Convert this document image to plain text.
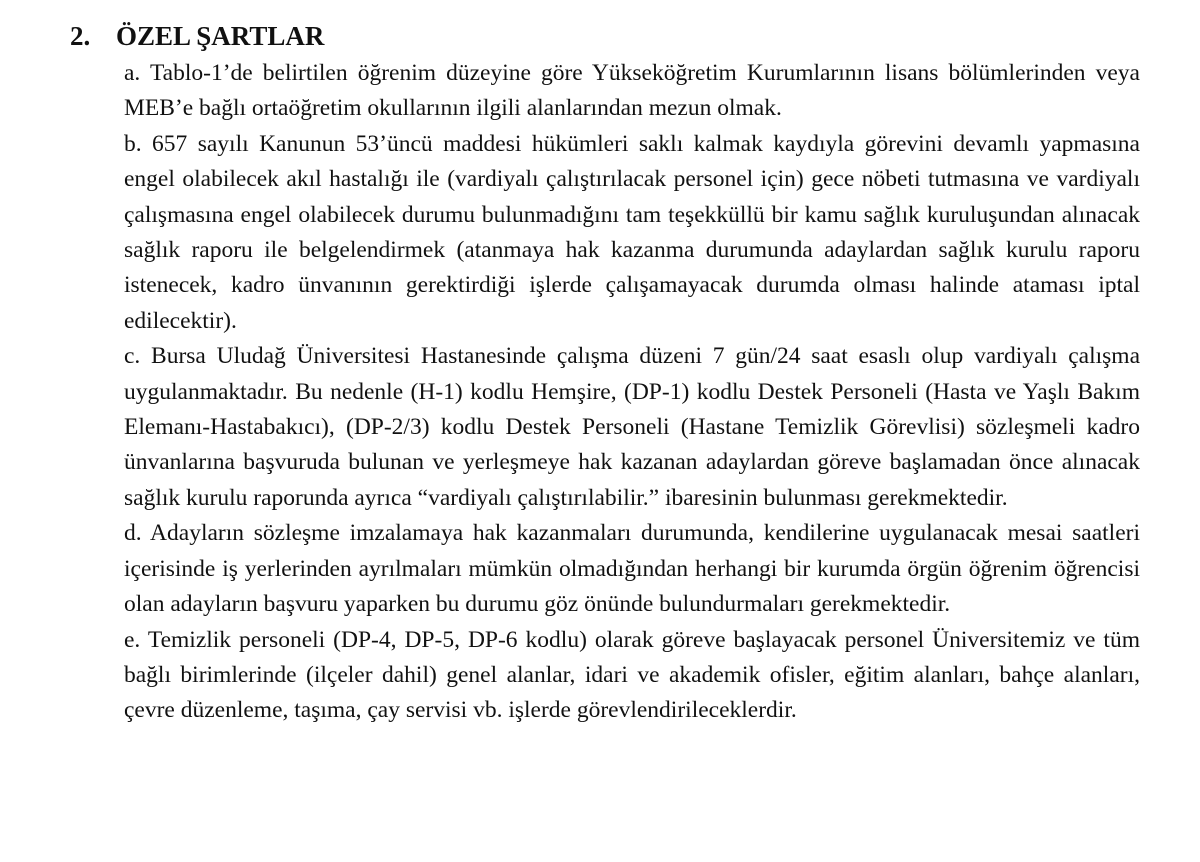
2. ÖZEL ŞARTLAR
a. Tablo-1’de belirtilen öğrenim düzeyine göre Yükseköğretim Kurumlarının lisans bölümlerinden veya MEB’e bağlı ortaöğretim okullarının ilgili alanlarından mezun olmak.
b. 657 sayılı Kanunun 53’üncü maddesi hükümleri saklı kalmak kaydıyla görevini devamlı yapmasına engel olabilecek akıl hastalığı ile (vardiyalı çalıştırılacak personel için) gece nöbeti tutmasına ve vardiyalı çalışmasına engel olabilecek durumu bulunmadığını tam teşekküllü bir kamu sağlık kuruluşundan alınacak sağlık raporu ile belgelendirmek (atanmaya hak kazanma durumunda adaylardan sağlık kurulu raporu istenecek, kadro ünvanının gerektirdiği işlerde çalışamayacak durumda olması halinde ataması iptal edilecektir).
c. Bursa Uludağ Üniversitesi Hastanesinde çalışma düzeni 7 gün/24 saat esaslı olup vardiyalı çalışma uygulanmaktadır. Bu nedenle (H-1) kodlu Hemşire, (DP-1) kodlu Destek Personeli (Hasta ve Yaşlı Bakım Elemanı-Hastabakıcı), (DP-2/3) kodlu Destek Personeli (Hastane Temizlik Görevlisi) sözleşmeli kadro ünvanlarına başvuruda bulunan ve yerleşmeye hak kazanan adaylardan göreve başlamadan önce alınacak sağlık kurulu raporunda ayrıca “vardiyalı çalıştırılabilir.” ibaresinin bulunması gerekmektedir.
d. Adayların sözleşme imzalamaya hak kazanmaları durumunda, kendilerine uygulanacak mesai saatleri içerisinde iş yerlerinden ayrılmaları mümkün olmadığından herhangi bir kurumda örgün öğrenim öğrencisi olan adayların başvuru yaparken bu durumu göz önünde bulundurmaları gerekmektedir.
e. Temizlik personeli (DP-4, DP-5, DP-6 kodlu) olarak göreve başlayacak personel Üniversitemiz ve tüm bağlı birimlerinde (ilçeler dahil) genel alanlar, idari ve akademik ofisler, eğitim alanları, bahçe alanları, çevre düzenleme, taşıma, çay servisi vb. işlerde görevlendirileceklerdir.
